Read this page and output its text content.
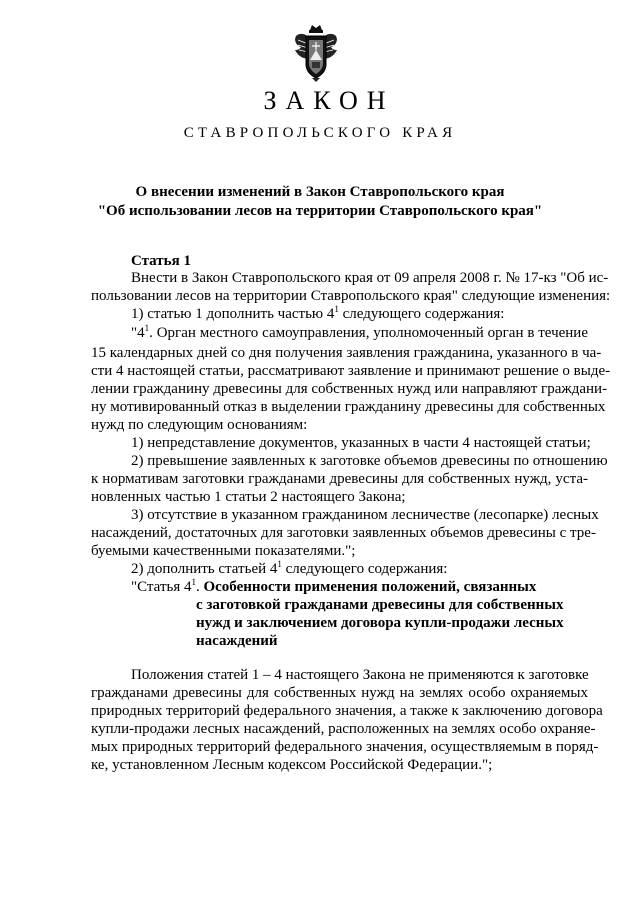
ЗАКОН
СТАВРОПОЛЬСКОГО КРАЯ
О внесении изменений в Закон Ставропольского края
"Об использовании лесов на территории Ставропольского края"
Статья 1
Внести в Закон Ставропольского края от 09 апреля 2008 г. № 17-кз "Об ис-
пользовании лесов на территории Ставропольского края" следующие изменения:
1) статью 1 дополнить частью $4^1$ следующего содержания:
"$4^1$. Орган местного самоуправления, уполномоченный орган в течение
15 календарных дней со дня получения заявления гражданина, указанного в ча-
сти 4 настоящей статьи, рассматривают заявление и принимают решение о выде-
лении гражданину древесины для собственных нужд или направляют граждани-
ну мотивированный отказ в выделении гражданину древесины для собственных
нужд по следующим основаниям:
1) непредставление документов, указанных в части 4 настоящей статьи;
2) превышение заявленных к заготовке объемов древесины по отношению
к нормативам заготовки гражданами древесины для собственных нужд, уста-
новленных частью 1 статьи 2 настоящего Закона;
3) отсутствие в указанном гражданином лесничестве (лесопарке) лесных
насаждений, достаточных для заготовки заявленных объемов древесины с тре-
буемыми качественными показателями.";
2) дополнить статьей $4^1$ следующего содержания:
"Статья $4^1$. Особенности применения положений, связанных
с заготовкой гражданами древесины для собственных
нужд и заключением договора купли-продажи лесных
насаждений
Положения статей 1 – 4 настоящего Закона не применяются к заготовке
гражданами древесины для собственных нужд на землях особо охраняемых
природных территорий федерального значения, а также к заключению договора
купли-продажи лесных насаждений, расположенных на землях особо охраняе-
мых природных территорий федерального значения, осуществляемым в поряд-
ке, установленном Лесным кодексом Российской Федерации.";
